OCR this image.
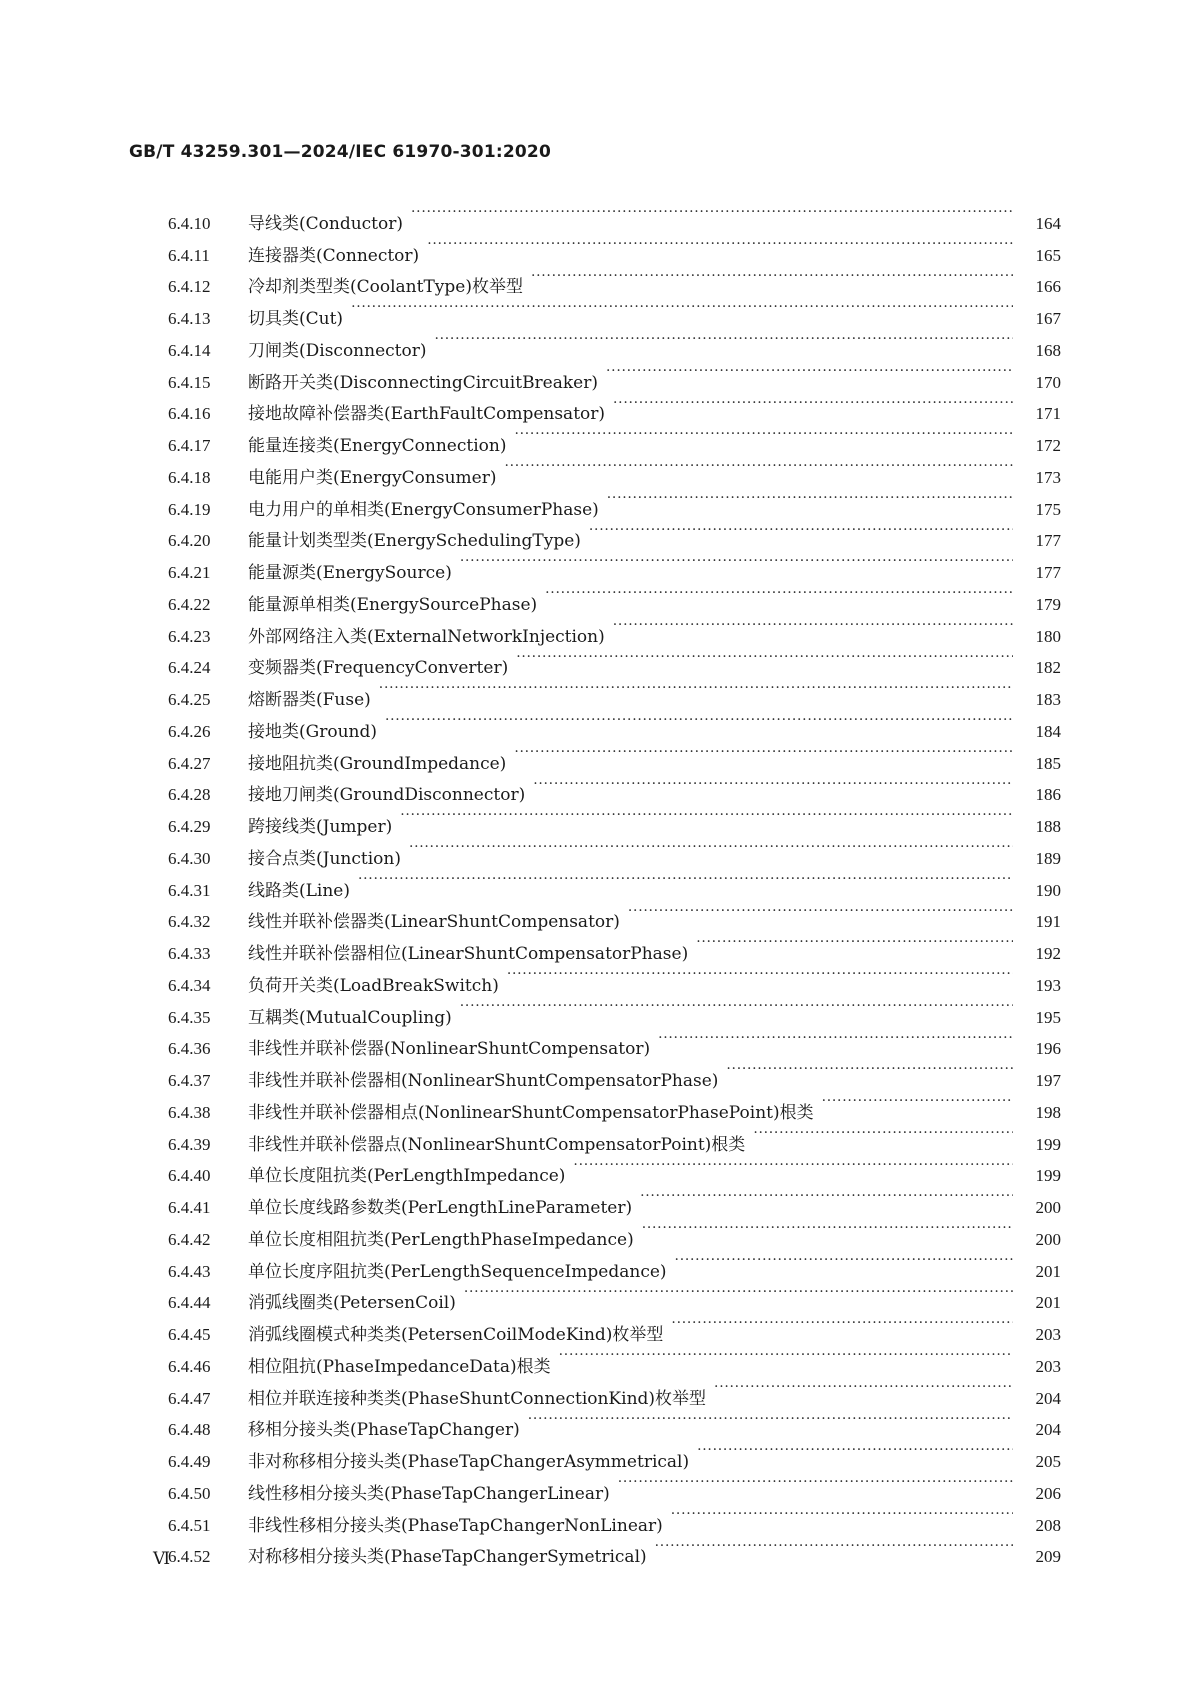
GB/T 43259.301—2024/IEC 61970-301:2020
6.4.10	导线类(Conductor) ·····	164
6.4.11	连接器类(Connector) ·····	165
6.4.12	冷却剂类型类(CoolantType)枚举型 ·····	166
6.4.13	切具类(Cut) ·····	167
6.4.14	刀闸类(Disconnector) ·····	168
6.4.15	断路开关类(DisconnectingCircuitBreaker) ·····	170
6.4.16	接地故障补偿器类(EarthFaultCompensator) ·····	171
6.4.17	能量连接类(EnergyConnection) ·····	172
6.4.18	电能用户类(EnergyConsumer) ·····	173
6.4.19	电力用户的单相类(EnergyConsumerPhase) ·····	175
6.4.20	能量计划类型类(EnergySchedulingType) ·····	177
6.4.21	能量源类(EnergySource) ·····	177
6.4.22	能量源单相类(EnergySourcePhase) ·····	179
6.4.23	外部网络注入类(ExternalNetworkInjection) ·····	180
6.4.24	变频器类(FrequencyConverter) ·····	182
6.4.25	熔断器类(Fuse) ·····	183
6.4.26	接地类(Ground) ·····	184
6.4.27	接地阻抗类(GroundImpedance) ·····	185
6.4.28	接地刀闸类(GroundDisconnector) ·····	186
6.4.29	跨接线类(Jumper) ·····	188
6.4.30	接合点类(Junction) ·····	189
6.4.31	线路类(Line) ·····	190
6.4.32	线性并联补偿器类(LinearShuntCompensator) ·····	191
6.4.33	线性并联补偿器相位(LinearShuntCompensatorPhase) ·····	192
6.4.34	负荷开关类(LoadBreakSwitch) ·····	193
6.4.35	互耦类(MutualCoupling) ·····	195
6.4.36	非线性并联补偿器(NonlinearShuntCompensator) ·····	196
6.4.37	非线性并联补偿器相(NonlinearShuntCompensatorPhase) ·····	197
6.4.38	非线性并联补偿器相点(NonlinearShuntCompensatorPhasePoint)根类 ·····	198
6.4.39	非线性并联补偿器点(NonlinearShuntCompensatorPoint)根类 ·····	199
6.4.40	单位长度阻抗类(PerLengthImpedance) ·····	199
6.4.41	单位长度线路参数类(PerLengthLineParameter) ·····	200
6.4.42	单位长度相阻抗类(PerLengthPhaseImpedance) ·····	200
6.4.43	单位长度序阻抗类(PerLengthSequenceImpedance) ·····	201
6.4.44	消弧线圈类(PetersenCoil) ·····	201
6.4.45	消弧线圈模式种类类(PetersenCoilModeKind)枚举型 ·····	203
6.4.46	相位阻抗(PhaseImpedanceData)根类 ·····	203
6.4.47	相位并联连接种类类(PhaseShuntConnectionKind)枚举型 ·····	204
6.4.48	移相分接头类(PhaseTapChanger) ·····	204
6.4.49	非对称移相分接头类(PhaseTapChangerAsymmetrical) ·····	205
6.4.50	线性移相分接头类(PhaseTapChangerLinear) ·····	206
6.4.51	非线性移相分接头类(PhaseTapChangerNonLinear) ·····	208
6.4.52	对称移相分接头类(PhaseTapChangerSymetrical) ·····	209
Ⅵ
